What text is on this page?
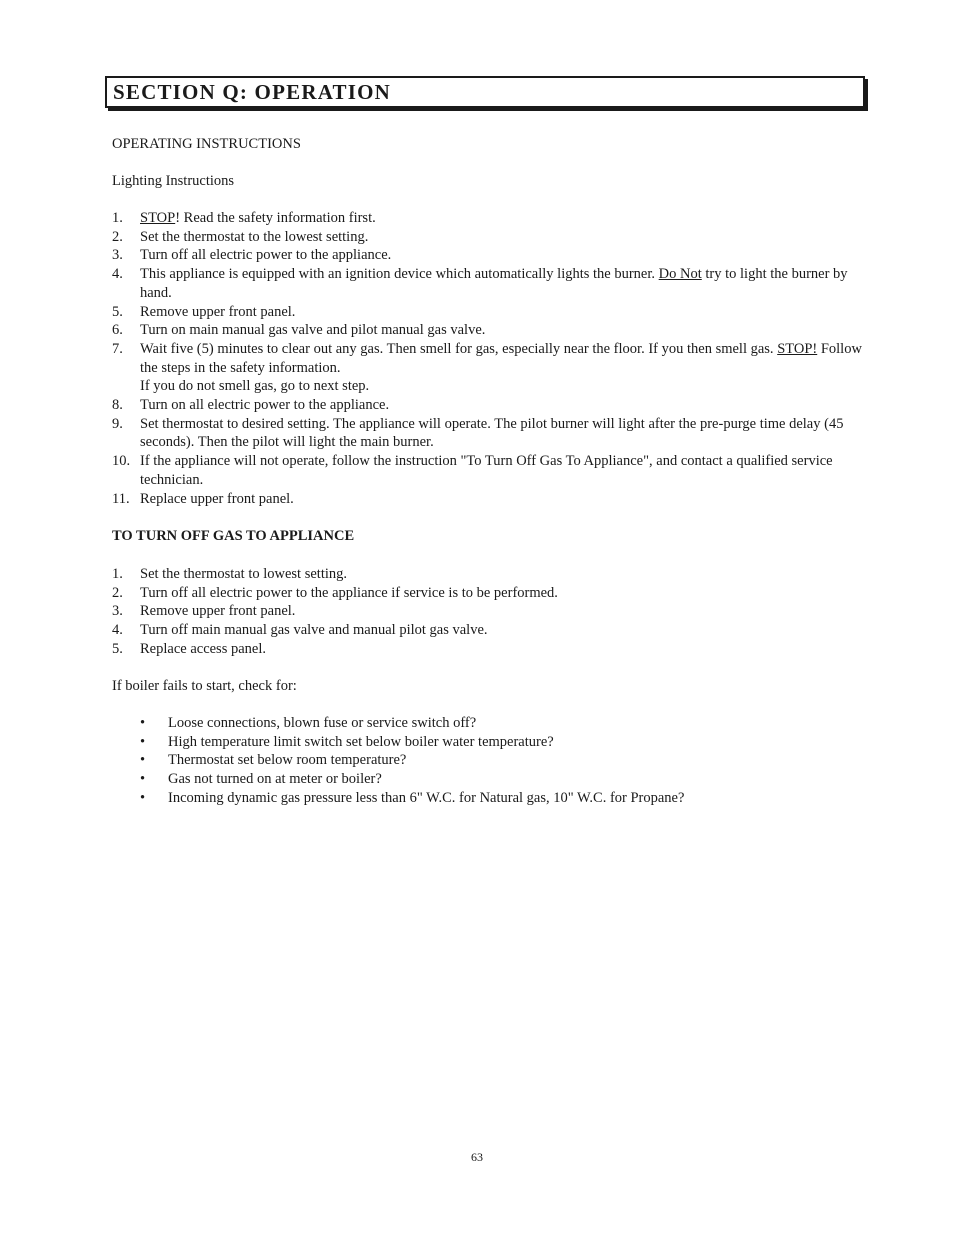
SECTION Q: OPERATION
OPERATING INSTRUCTIONS
Lighting Instructions
1.	STOP! Read the safety information first.
2.	Set the thermostat to the lowest setting.
3.	Turn off all electric power to the appliance.
4.	This appliance is equipped with an ignition device which automatically lights the burner. Do Not try to light the burner by hand.
5.	Remove upper front panel.
6.	Turn on main manual gas valve and pilot manual gas valve.
7.	Wait five (5) minutes to clear out any gas. Then smell for gas, especially near the floor. If you then smell gas. STOP! Follow the steps in the safety information.
If you do not smell gas, go to next step.
8.	Turn on all electric power to the appliance.
9.	Set thermostat to desired setting. The appliance will operate. The pilot burner will light after the pre-purge time delay (45 seconds). Then the pilot will light the main burner.
10. If the appliance will not operate, follow the instruction "To Turn Off Gas To Appliance", and contact a qualified service technician.
11. Replace upper front panel.
TO TURN OFF GAS TO APPLIANCE
1.	Set the thermostat to lowest setting.
2.	Turn off all electric power to the appliance if service is to be performed.
3.	Remove upper front panel.
4.	Turn off main manual gas valve and manual pilot gas valve.
5.	Replace access panel.
If boiler fails to start, check for:
•	Loose connections, blown fuse or service switch off?
•	High temperature limit switch set below boiler water temperature?
•	Thermostat set below room temperature?
•	Gas not turned on at meter or boiler?
•	Incoming dynamic gas pressure less than 6" W.C. for Natural gas, 10" W.C. for Propane?
63
